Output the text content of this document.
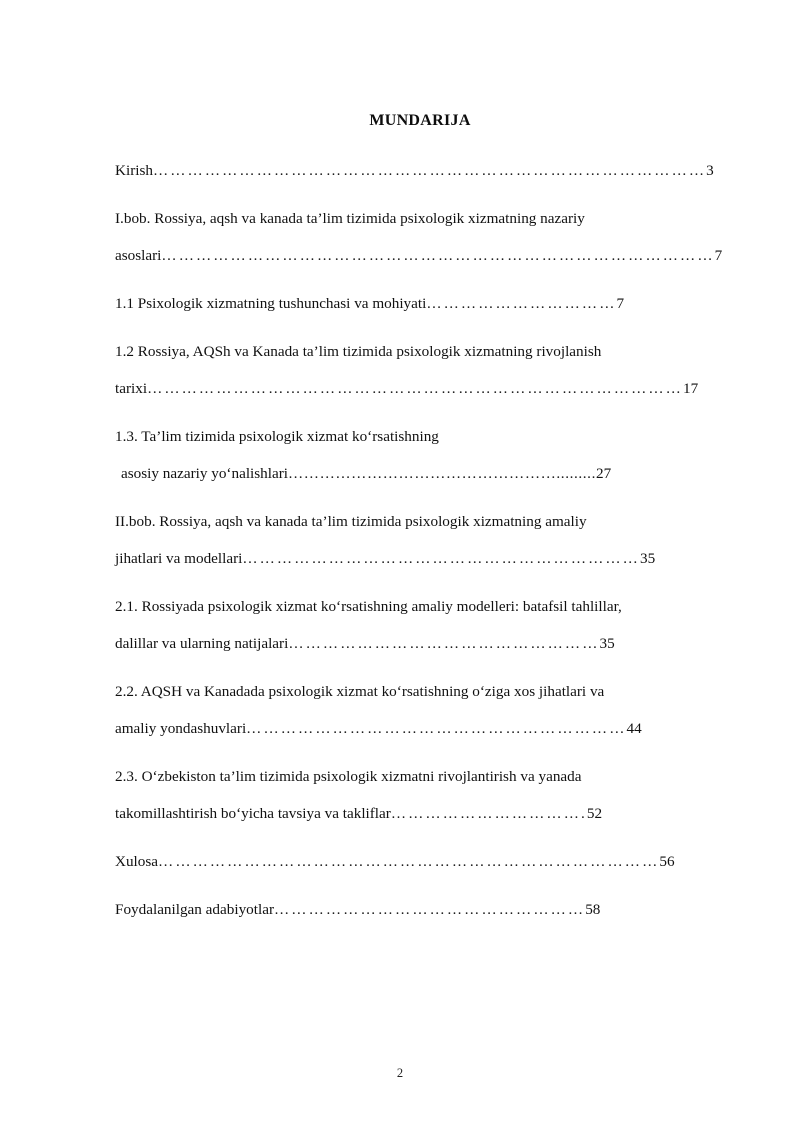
MUNDARIJA
Kirish……………………………………………………………………………………3
I.bob. Rossiya, aqsh va kanada ta’lim tizimida psixologik xizmatning nazariy
asoslari……………………………………………………………………………………7
1.1 Psixologik xizmatning tushunchasi va mohiyati……………………………7
1.2 Rossiya, AQSh va Kanada ta’lim tizimida psixologik xizmatning rivojlanish
tarixi…………………………………………………………………………………17
1.3. Ta’lim tizimida psixologik xizmat koʻrsatishning
asosiy nazariy yoʻnalishlari…………………………………………….........27
II.bob. Rossiya, aqsh va kanada ta’lim tizimida psixologik xizmatning amaliy
jihatlari va modellari……………………………………………………………35
2.1. Rossiyada psixologik xizmat koʻrsatishning amaliy modelleri: batafsil tahlillar,
dalillar va ularning natijalari………………………………………………35
2.2. AQSH va Kanadada psixologik xizmat koʻrsatishning oʻziga xos jihatlari va
amaliy yondashuvlari…………………………………………………………44
2.3. Oʻzbekiston ta’lim tizimida psixologik xizmatni rivojlantirish va yanada
takomillashtirish boʻyicha tavsiya va takliflar…………………………….52
Xulosa……………………………………………………………………………56
Foydalanilgan adabiyotlar………………………………………………58
2
